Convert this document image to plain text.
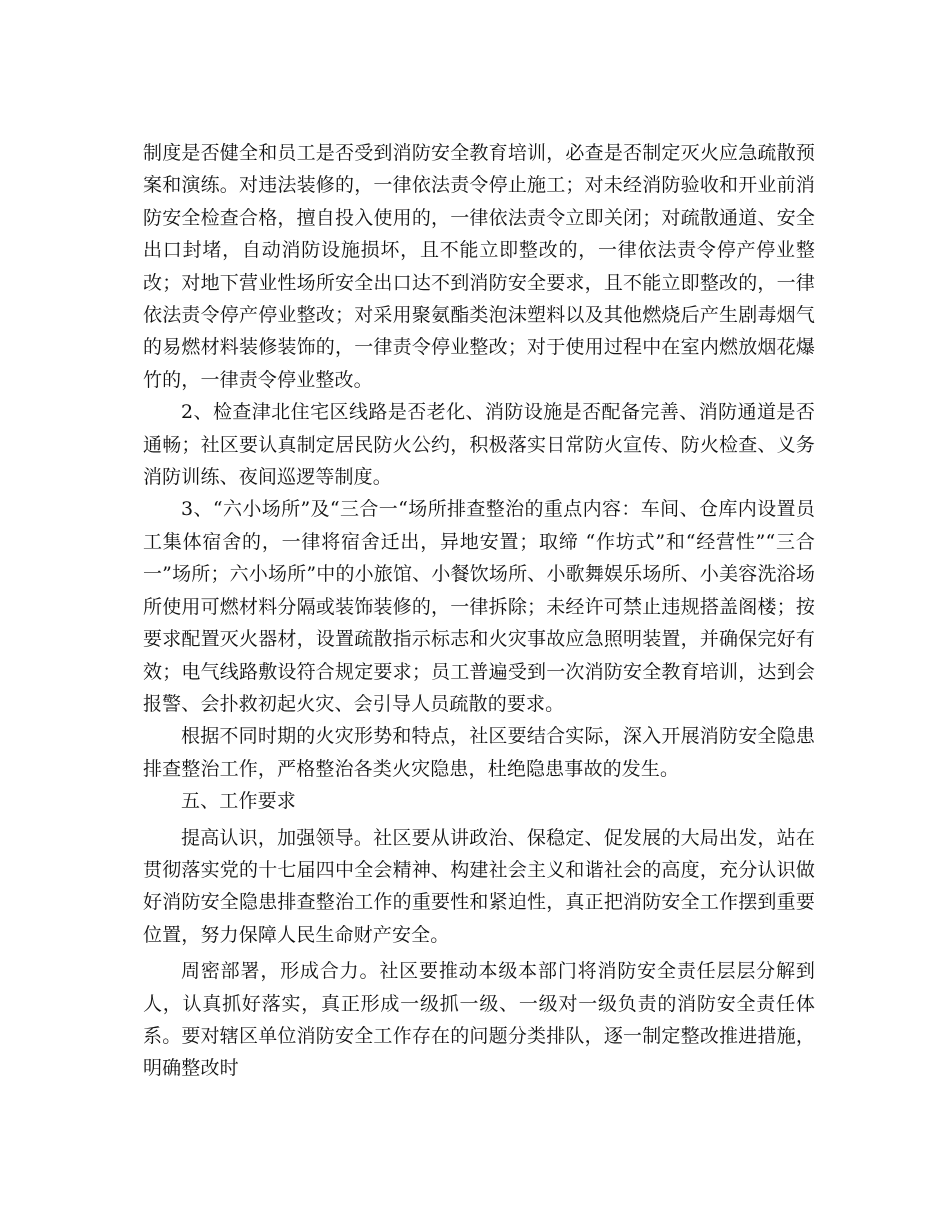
制度是否健全和员工是否受到消防安全教育培训，必查是否制定灭火应急疏散预案和演练。对违法装修的，一律依法责令停止施工；对未经消防验收和开业前消防安全检查合格，擅自投入使用的，一律依法责令立即关闭；对疏散通道、安全出口封堵，自动消防设施损坏，且不能立即整改的，一律依法责令停产停业整改；对地下营业性场所安全出口达不到消防安全要求，且不能立即整改的，一律依法责令停产停业整改；对采用聚氨酯类泡沫塑料以及其他燃烧后产生剧毒烟气的易燃材料装修装饰的，一律责令停业整改；对于使用过程中在室内燃放烟花爆竹的，一律责令停业整改。

2、检查津北住宅区线路是否老化、消防设施是否配备完善、消防通道是否通畅；社区要认真制定居民防火公约，积极落实日常防火宣传、防火检查、义务消防训练、夜间巡逻等制度。

3、“六小场所”及“三合一“场所排查整治的重点内容：车间、仓库内设置员工集体宿舍的，一律将宿舍迁出，异地安置；取缔 “作坊式”和“经营性”“三合一”场所；六小场所”中的小旅馆、小餐饮场所、小歌舞娱乐场所、小美容洗浴场所使用可燃材料分隔或装饰装修的，一律拆除；未经许可禁止违规搭盖阁楼；按要求配置灭火器材，设置疏散指示标志和火灾事故应急照明装置，并确保完好有效；电气线路敷设符合规定要求；员工普遍受到一次消防安全教育培训，达到会报警、会扑救初起火灾、会引导人员疏散的要求。

根据不同时期的火灾形势和特点，社区要结合实际，深入开展消防安全隐患排查整治工作，严格整治各类火灾隐患，杜绝隐患事故的发生。

五、工作要求

提高认识，加强领导。社区要从讲政治、保稳定、促发展的大局出发，站在贯彻落实党的十七届四中全会精神、构建社会主义和谐社会的高度，充分认识做好消防安全隐患排查整治工作的重要性和紧迫性，真正把消防安全工作摆到重要位置，努力保障人民生命财产安全。

周密部署，形成合力。社区要推动本级本部门将消防安全责任层层分解到人，认真抓好落实，真正形成一级抓一级、一级对一级负责的消防安全责任体系。要对辖区单位消防安全工作存在的问题分类排队，逐一制定整改推进措施，明确整改时
